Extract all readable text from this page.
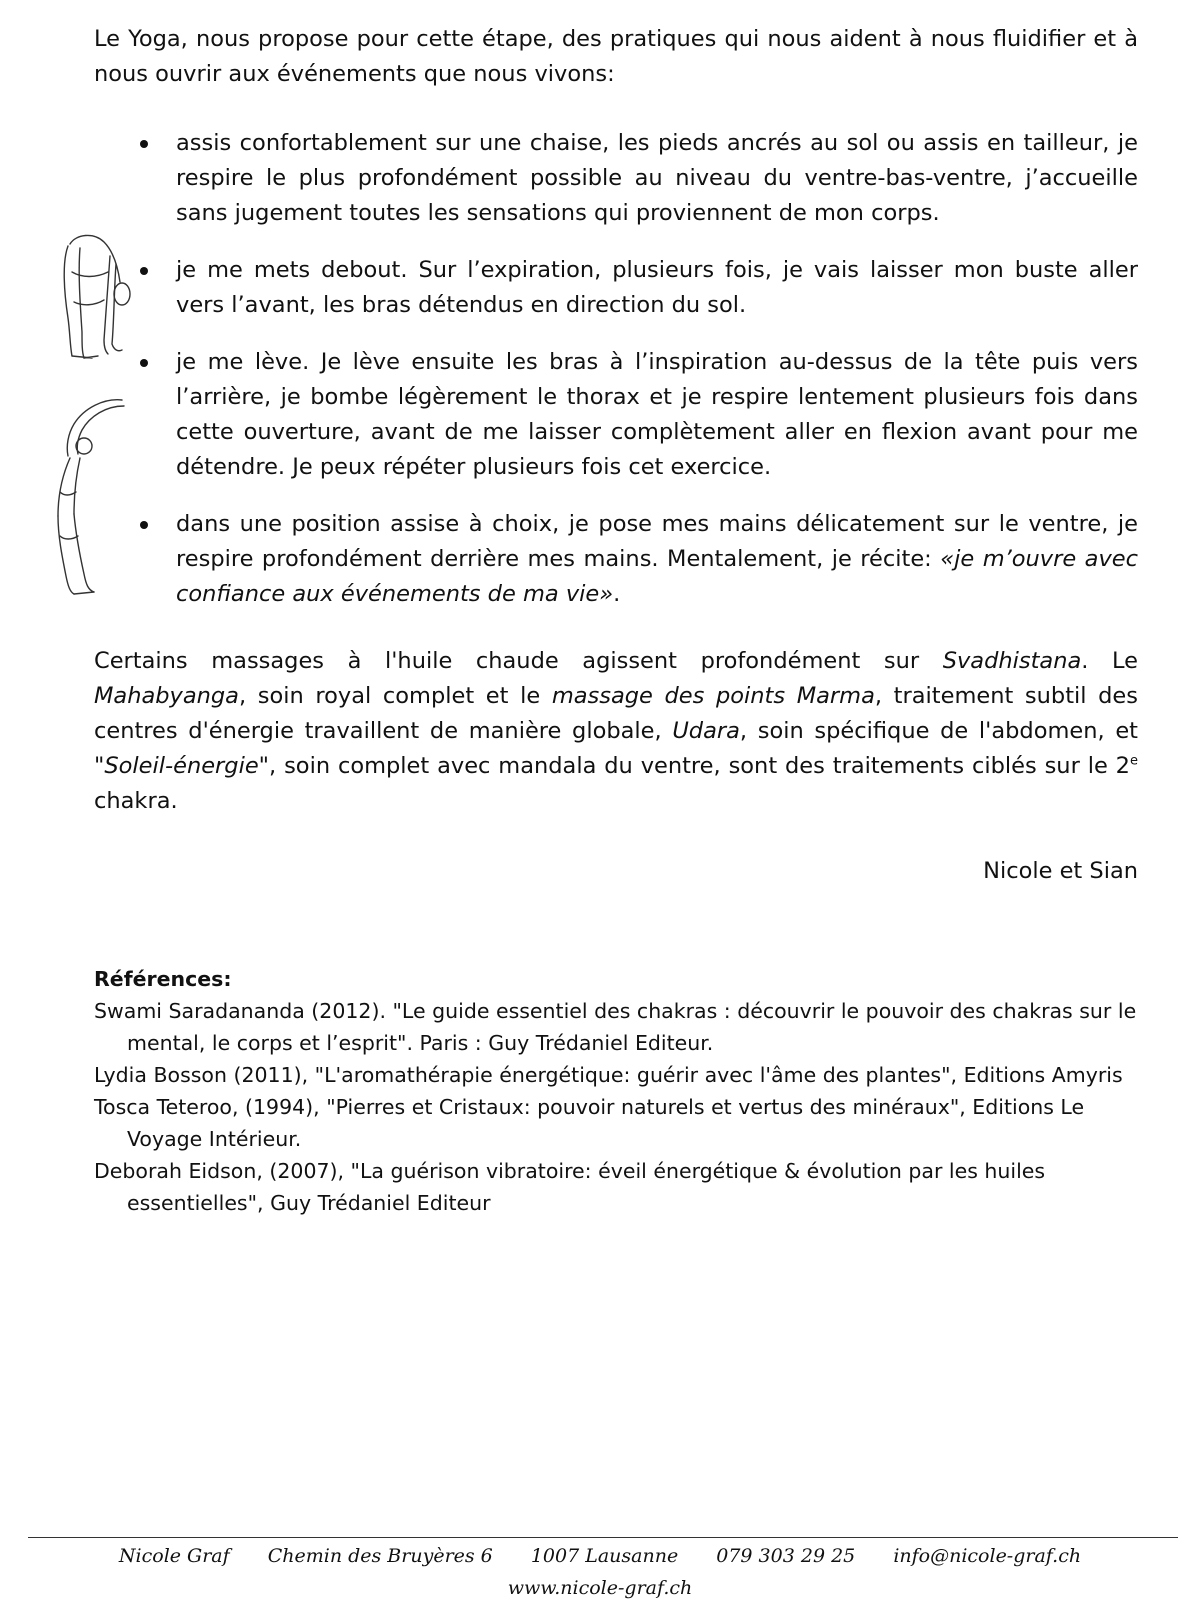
Le Yoga, nous propose pour cette étape, des pratiques qui nous aident à nous fluidifier et à nous ouvrir aux événements que nous vivons:

assis confortablement sur une chaise, les pieds ancrés au sol ou assis en tailleur, je respire le plus profondément possible au niveau du ventre-bas-ventre, j’accueille sans jugement toutes les sensations qui proviennent de mon corps.
je me mets debout. Sur l’expiration, plusieurs fois, je vais laisser mon buste aller vers l’avant, les bras détendus en direction du sol.
je me lève. Je lève ensuite les bras à l’inspiration au-dessus de la tête puis vers l’arrière, je bombe légèrement le thorax et je respire lentement plusieurs fois dans cette ouverture, avant de me laisser complètement aller en flexion avant pour me détendre. Je peux répéter plusieurs fois cet exercice.
dans une position assise à choix, je pose mes mains délicatement sur le ventre, je respire profondément derrière mes mains. Mentalement, je récite: «je m’ouvre avec confiance aux événements de ma vie».

Certains massages à l'huile chaude agissent profondément sur Svadhistana. Le Mahabyanga, soin royal complet et le massage des points Marma, traitement subtil des centres d'énergie travaillent de manière globale, Udara, soin spécifique de l'abdomen, et "Soleil-énergie", soin complet avec mandala du ventre, sont des traitements ciblés sur le 2e chakra.

Nicole et Sian

Références:

Swami Saradananda (2012). "Le guide essentiel des chakras : découvrir le pouvoir des chakras sur le mental, le corps et l’esprit". Paris : Guy Trédaniel Editeur.

Lydia Bosson (2011), "L'aromathérapie énergétique: guérir avec l'âme des plantes", Editions Amyris

Tosca Teteroo, (1994), "Pierres et Cristaux: pouvoir naturels et vertus des minéraux", Editions Le Voyage Intérieur.

Deborah Eidson, (2007), "La guérison vibratoire: éveil énergétique & évolution par les huiles essentielles", Guy Trédaniel Editeur

Nicole Graf Chemin des Bruyères 6 1007 Lausanne 079 303 29 25 info@nicole-graf.ch
www.nicole-graf.ch
